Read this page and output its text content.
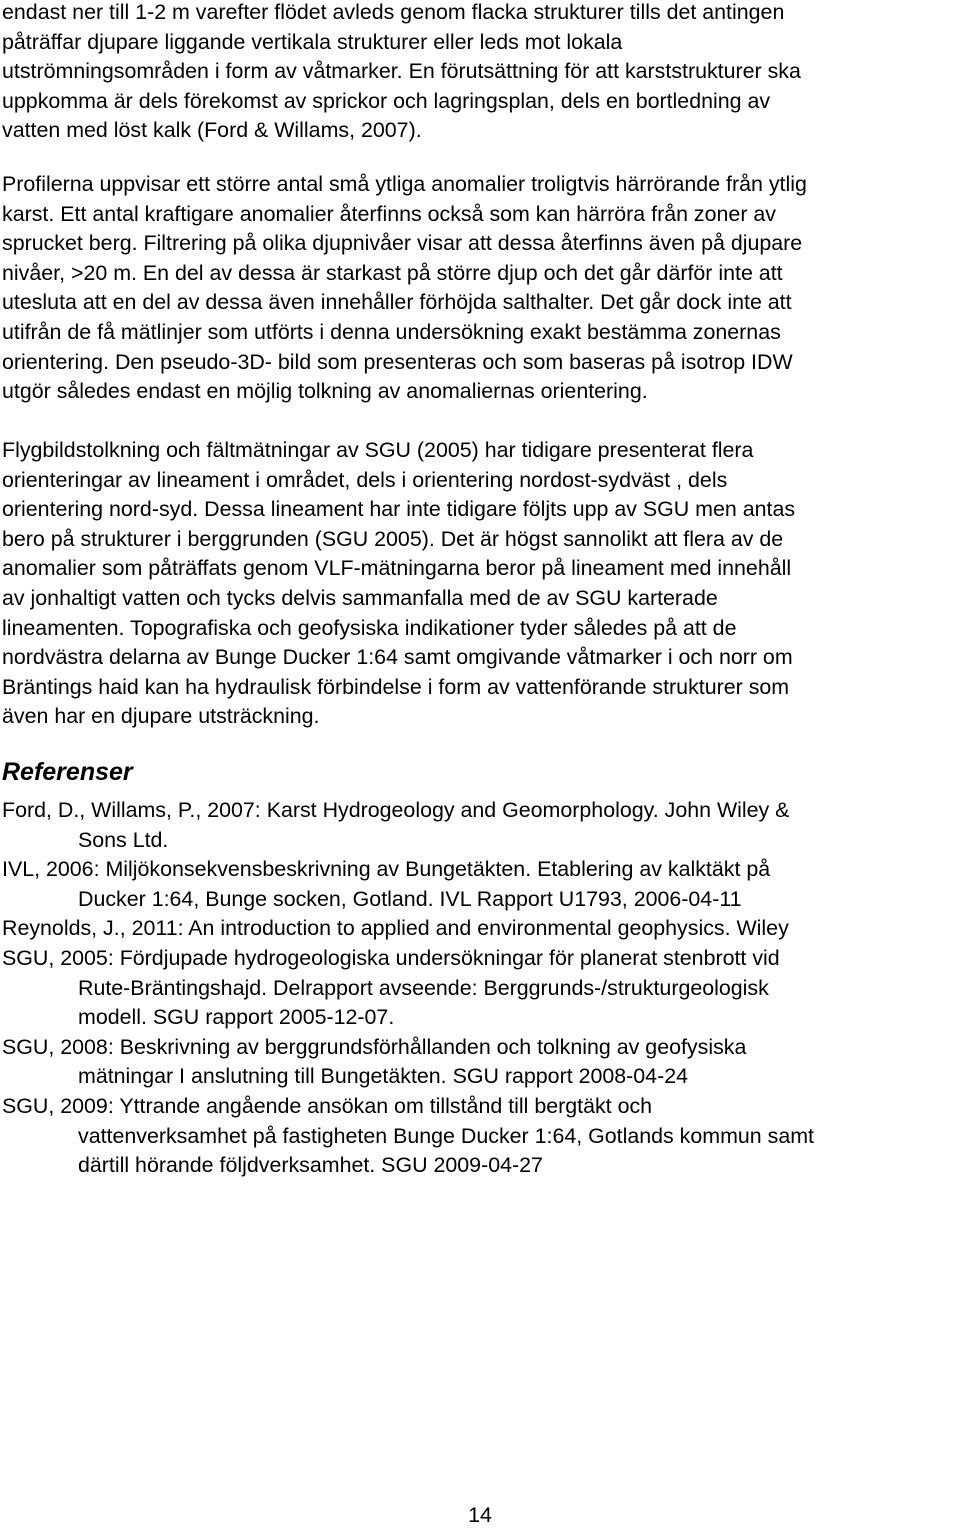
endast ner till 1-2 m varefter flödet avleds genom flacka strukturer tills det antingen
påträffar djupare liggande vertikala strukturer eller leds mot lokala
utströmningsområden i form av våtmarker. En förutsättning för att karststrukturer ska
uppkomma är dels förekomst av sprickor och lagringsplan, dels en bortledning av
vatten med löst kalk (Ford & Willams, 2007).

Profilerna uppvisar ett större antal små ytliga anomalier troligtvis härrörande från ytlig
karst. Ett antal kraftigare anomalier återfinns också som kan härröra från zoner av
sprucket berg. Filtrering på olika djupnivåer visar att dessa återfinns även på djupare
nivåer, >20 m. En del av dessa är starkast på större djup och det går därför inte att
utesluta att en del av dessa även innehåller förhöjda salthalter. Det går dock inte att
utifrån de få mätlinjer som utförts i denna undersökning exakt bestämma zonernas
orientering. Den pseudo-3D- bild som presenteras och som baseras på isotrop IDW
utgör således endast en möjlig tolkning av anomaliernas orientering.

Flygbildstolkning och fältmätningar av SGU (2005) har tidigare presenterat flera
orienteringar av lineament i området, dels i orientering nordost-sydväst , dels
orientering nord-syd. Dessa lineament har inte tidigare följts upp av SGU men antas
bero på strukturer i berggrunden (SGU 2005). Det är högst sannolikt att flera av de
anomalier som påträffats genom VLF-mätningarna beror på lineament med innehåll
av jonhaltigt vatten och tycks delvis sammanfalla med de av SGU karterade
lineamenten. Topografiska och geofysiska indikationer tyder således på att de
nordvästra delarna av Bunge Ducker 1:64 samt omgivande våtmarker i och norr om
Bräntings haid kan ha hydraulisk förbindelse i form av vattenförande strukturer som
även har en djupare utsträckning.

Referenser
Ford, D., Willams, P., 2007: Karst Hydrogeology and Geomorphology. John Wiley &
Sons Ltd.
IVL, 2006: Miljökonsekvensbeskrivning av Bungetäkten. Etablering av kalktäkt på
Ducker 1:64, Bunge socken, Gotland. IVL Rapport U1793, 2006-04-11
Reynolds, J., 2011: An introduction to applied and environmental geophysics. Wiley
SGU, 2005: Fördjupade hydrogeologiska undersökningar för planerat stenbrott vid
Rute-Bräntingshajd. Delrapport avseende: Berggrunds-/strukturgeologisk
modell. SGU rapport 2005-12-07.
SGU, 2008: Beskrivning av berggrundsförhållanden och tolkning av geofysiska
mätningar I anslutning till Bungetäkten. SGU rapport 2008-04-24
SGU, 2009: Yttrande angående ansökan om tillstånd till bergtäkt och
vattenverksamhet på fastigheten Bunge Ducker 1:64, Gotlands kommun samt
därtill hörande följdverksamhet. SGU 2009-04-27
14
